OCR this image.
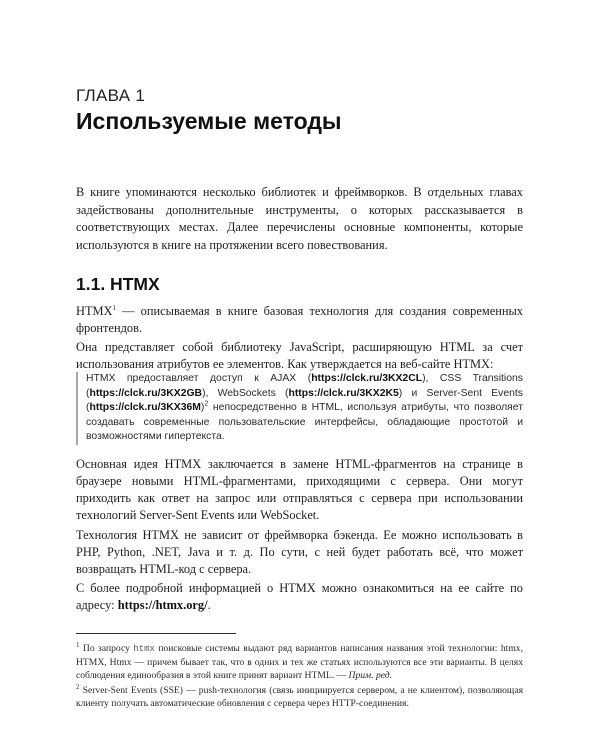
ГЛАВА 1
Используемые методы

В книге упоминаются несколько библиотек и фреймворков. В отдельных главах задействованы дополнительные инструменты, о которых рассказывается в соответствующих местах. Далее перечислены основные компоненты, которые используются в книге на протяжении всего повествования.

1.1. HTMX

HTMX$^1$ — описываемая в книге базовая технология для создания современных фронтендов.

Она представляет собой библиотеку JavaScript, расширяющую HTML за счет использования атрибутов ее элементов. Как утверждается на веб-сайте HTMX:

HTMX предоставляет доступ к AJAX (https://clck.ru/3KX2CL), CSS Transitions (https://clck.ru/3KX2GB), WebSockets (https://clck.ru/3KX2K5) и Server-Sent Events (https://clck.ru/3KX36M)$^2$ непосредственно в HTML, используя атрибуты, что позволяет создавать современные пользовательские интерфейсы, обладающие простотой и возможностями гипертекста.

Основная идея HTMX заключается в замене HTML-фрагментов на странице в браузере новыми HTML-фрагментами, приходящими с сервера. Они могут приходить как ответ на запрос или отправляться с сервера при использовании технологий Server-Sent Events или WebSocket.

Технология HTMX не зависит от фреймворка бэкенда. Ее можно использовать в PHP, Python, .NET, Java и т. д. По сути, с ней будет работать всё, что может возвращать HTML-код с сервера.

С более подробной информацией о HTMX можно ознакомиться на ее сайте по адресу: https://htmx.org/.

$^1$ По запросу htmx поисковые системы выдают ряд вариантов написания названия этой технологии: htmx, HTMX, Htmx — причем бывает так, что в одних и тех же статьях используются все эти варианты. В целях соблюдения единообразия в этой книге принят вариант HTML. — Прим. ред.

$^2$ Server-Sent Events (SSE) — push-технология (связь инициируется сервером, а не клиентом), позволяющая клиенту получать автоматические обновления с сервера через HTTP-соединения.
